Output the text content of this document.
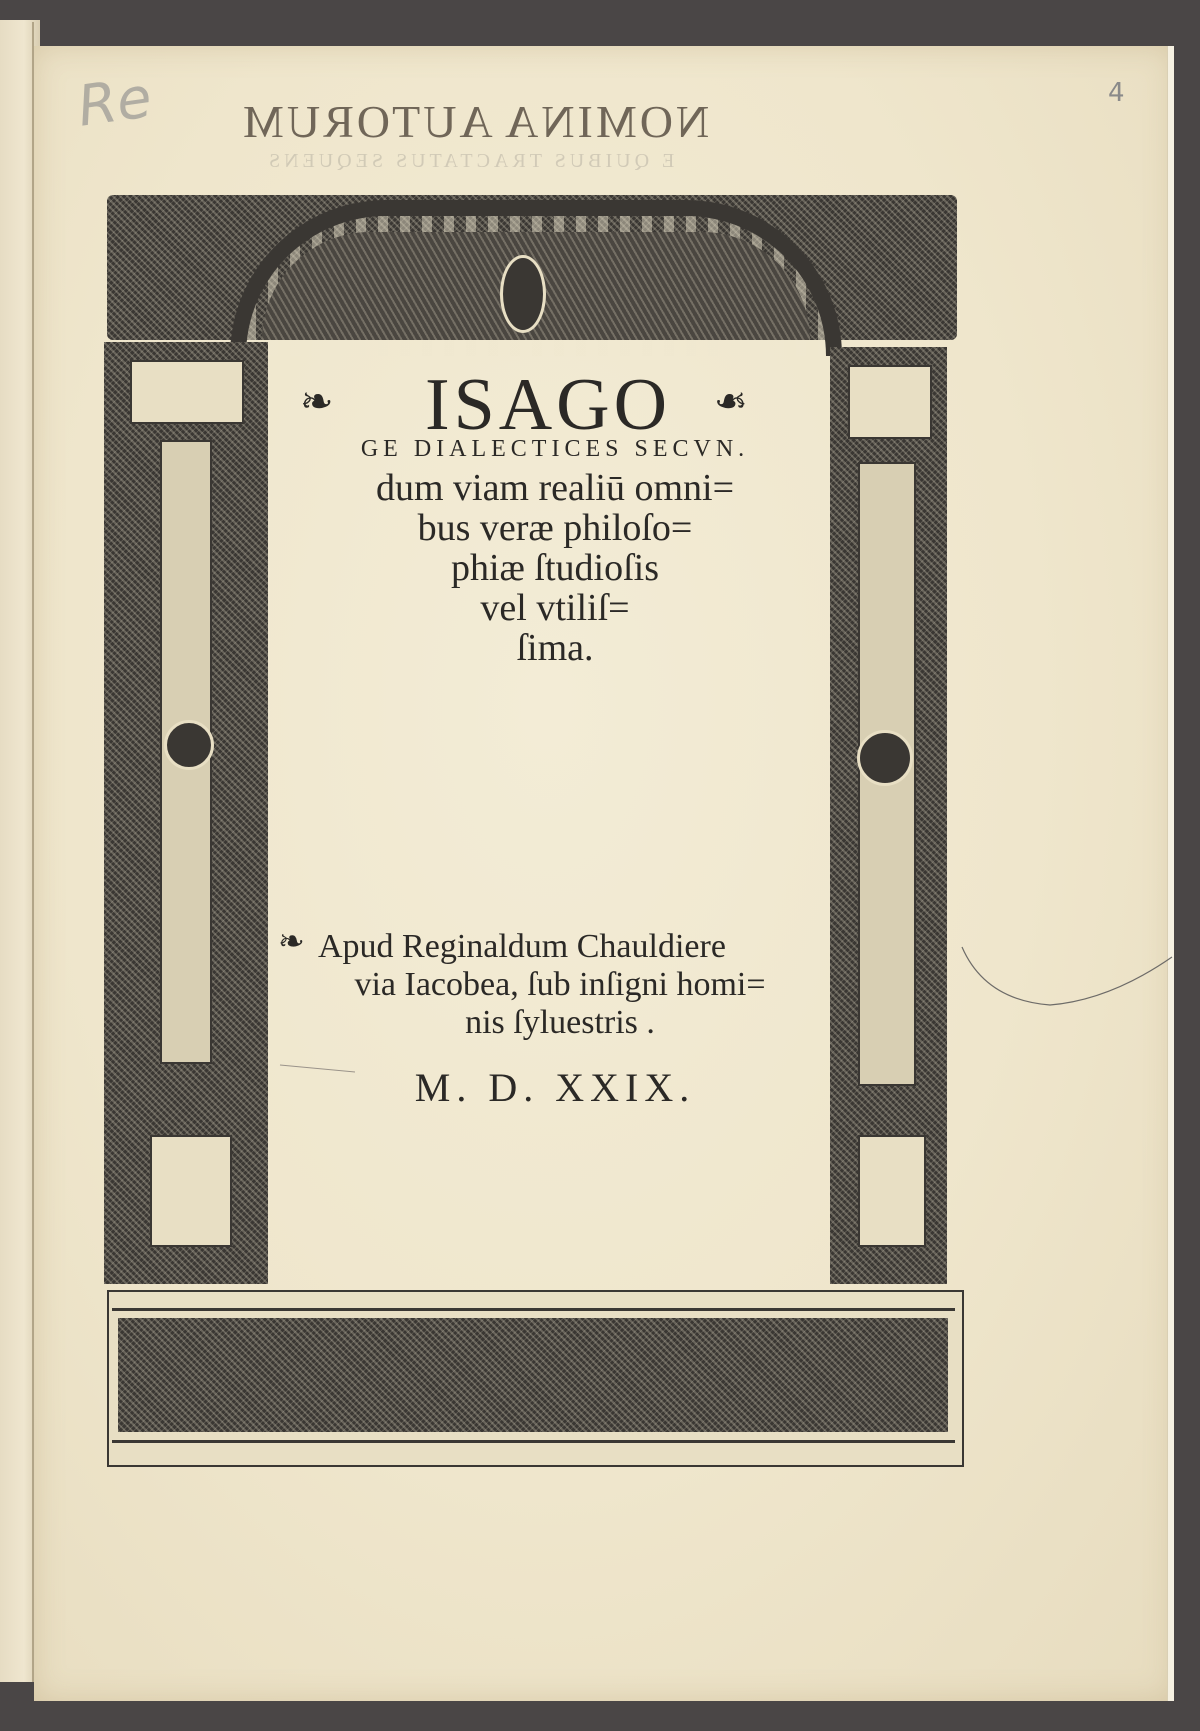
NOMINA AUTORUM
E QUIBUS TRACTATUS SEQUENS
Re	4
❧	❧
ISAGO
GE DIALECTICES SECVN.
dum viam realiū omni=
bus veræ philoſo=
phiæ ſtudioſis
vel vtiliſ=
ſima.
❧ Apud Reginaldum Chauldiere
via Iacobea, ſub inſigni homi=
nis ſyluestris .
M. D. XXIX.
